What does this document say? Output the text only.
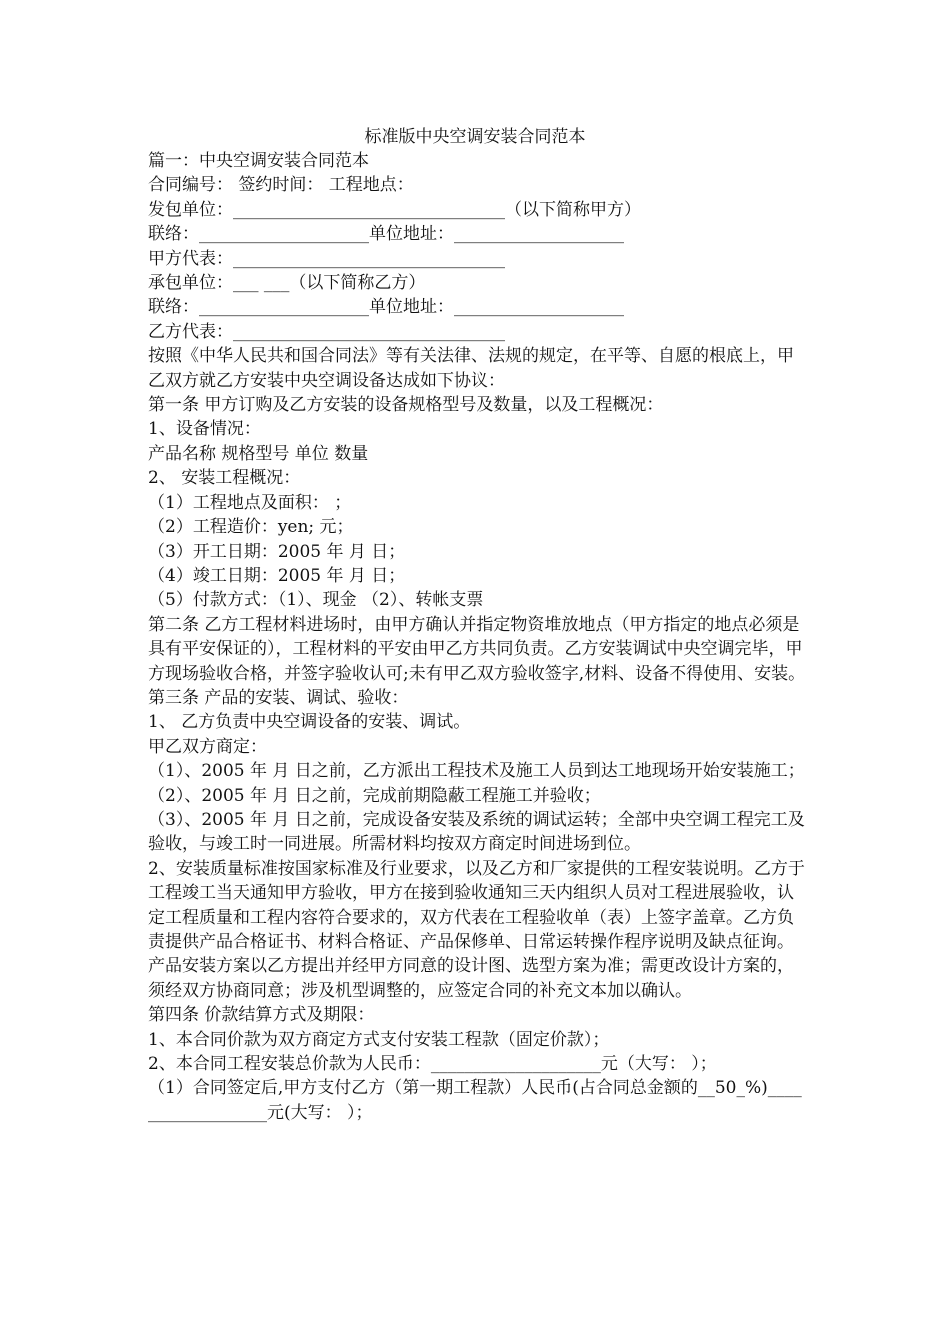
标准版中央空调安装合同范本

篇一：中央空调安装合同范本

合同编号： 签约时间： 工程地点：

发包单位：________________________________（以下简称甲方）

联络：____________________单位地址：____________________

甲方代表：________________________________

承包单位：___ ___（以下简称乙方）

联络：____________________单位地址：____________________

乙方代表：________________________________

按照《中华人民共和国合同法》等有关法律、法规的规定，在平等、自愿的根底上，甲乙双方就乙方安装中央空调设备达成如下协议：

第一条 甲方订购及乙方安装的设备规格型号及数量，以及工程概况：

1、设备情况：

产品名称 规格型号 单位 数量

2、 安装工程概况：

（1）工程地点及面积： ；

（2）工程造价：yen; 元；

（3）开工日期：2005 年 月 日；

（4）竣工日期：2005 年 月 日；

（5）付款方式：（1）、现金 （2）、转帐支票

第二条 乙方工程材料进场时，由甲方确认并指定物资堆放地点（甲方指定的地点必须是具有平安保证的），工程材料的平安由甲乙方共同负责。乙方安装调试中央空调完毕，甲方现场验收合格，并签字验收认可;未有甲乙双方验收签字,材料、设备不得使用、安装。

第三条 产品的安装、调试、验收：

1、 乙方负责中央空调设备的安装、调试。

甲乙双方商定：

（1）、2005 年 月 日之前，乙方派出工程技术及施工人员到达工地现场开始安装施工；

（2）、2005 年 月 日之前，完成前期隐蔽工程施工并验收；

（3）、2005 年 月 日之前，完成设备安装及系统的调试运转；全部中央空调工程完工及验收，与竣工时一同进展。所需材料均按双方商定时间进场到位。

2、安装质量标准按国家标准及行业要求，以及乙方和厂家提供的工程安装说明。乙方于工程竣工当天通知甲方验收，甲方在接到验收通知三天内组织人员对工程进展验收，认定工程质量和工程内容符合要求的，双方代表在工程验收单（表）上签字盖章。乙方负责提供产品合格证书、材料合格证、产品保修单、日常运转操作程序说明及缺点征询。产品安装方案以乙方提出并经甲方同意的设计图、选型方案为准；需更改设计方案的，须经双方协商同意；涉及机型调整的，应签定合同的补充文本加以确认。

第四条 价款结算方式及期限：

1、本合同价款为双方商定方式支付安装工程款（固定价款）；

2、本合同工程安装总价款为人民币：____________________元（大写： ）；

（1）合同签定后,甲方支付乙方（第一期工程款）人民币(占合同总金额的__50_%)__________________元(大写： ）；
